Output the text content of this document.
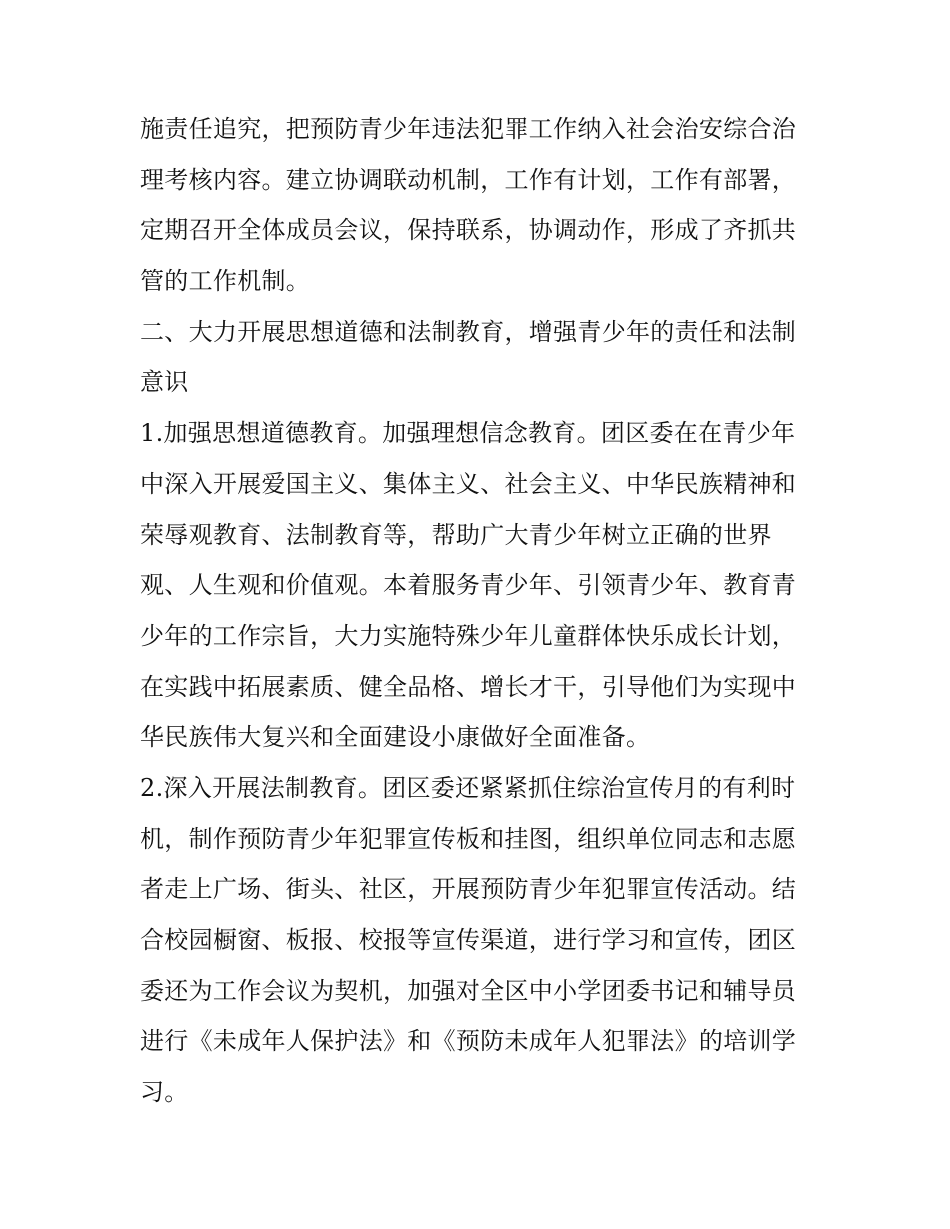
施责任追究，把预防青少年违法犯罪工作纳入社会治安综合治
理考核内容。建立协调联动机制，工作有计划，工作有部署，
定期召开全体成员会议，保持联系，协调动作，形成了齐抓共
管的工作机制。
二、大力开展思想道德和法制教育，增强青少年的责任和法制
意识
1.加强思想道德教育。加强理想信念教育。团区委在在青少年
中深入开展爱国主义、集体主义、社会主义、中华民族精神和
荣辱观教育、法制教育等，帮助广大青少年树立正确的世界
观、人生观和价值观。本着服务青少年、引领青少年、教育青
少年的工作宗旨，大力实施特殊少年儿童群体快乐成长计划，
在实践中拓展素质、健全品格、增长才干，引导他们为实现中
华民族伟大复兴和全面建设小康做好全面准备。
2.深入开展法制教育。团区委还紧紧抓住综治宣传月的有利时
机，制作预防青少年犯罪宣传板和挂图，组织单位同志和志愿
者走上广场、街头、社区，开展预防青少年犯罪宣传活动。结
合校园橱窗、板报、校报等宣传渠道，进行学习和宣传，团区
委还为工作会议为契机，加强对全区中小学团委书记和辅导员
进行《未成年人保护法》和《预防未成年人犯罪法》的培训学
习。
